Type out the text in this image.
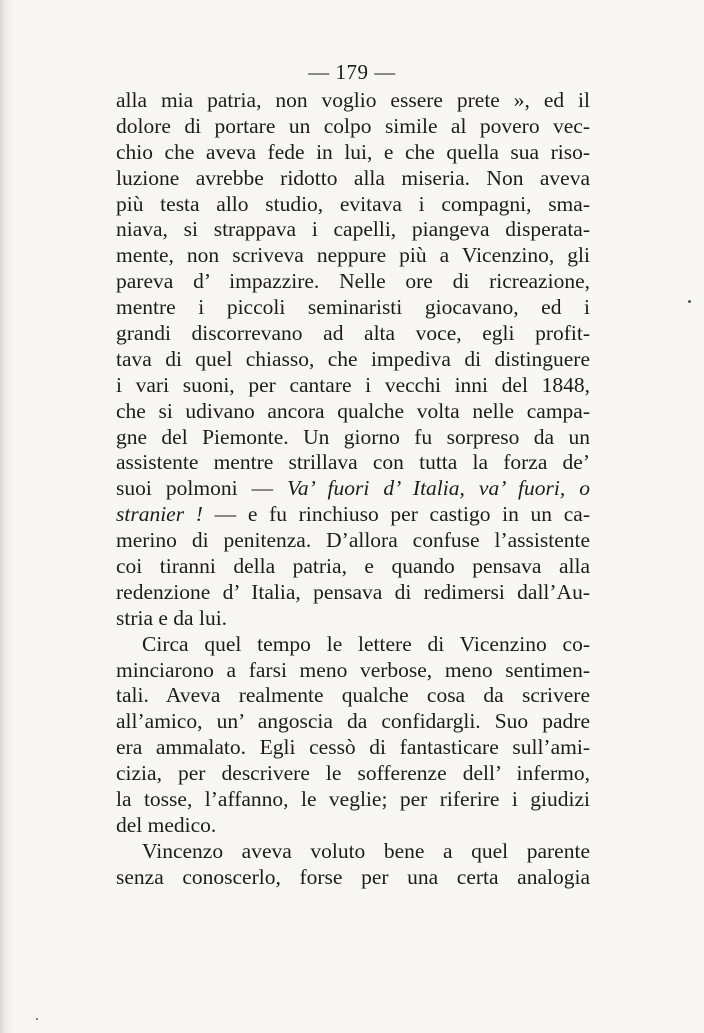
— 179 —
alla mia patria, non voglio essere prete », ed il
dolore di portare un colpo simile al povero vec-
chio che aveva fede in lui, e che quella sua riso-
luzione avrebbe ridotto alla miseria. Non aveva
più testa allo studio, evitava i compagni, sma-
niava, si strappava i capelli, piangeva disperata-
mente, non scriveva neppure più a Vicenzino, gli
pareva d’ impazzire. Nelle ore di ricreazione,
mentre i piccoli seminaristi giocavano, ed i
grandi discorrevano ad alta voce, egli profit-
tava di quel chiasso, che impediva di distinguere
i vari suoni, per cantare i vecchi inni del 1848,
che si udivano ancora qualche volta nelle campa-
gne del Piemonte. Un giorno fu sorpreso da un
assistente mentre strillava con tutta la forza de’
suoi polmoni — Va’ fuori d’ Italia, va’ fuori, o
stranier ! — e fu rinchiuso per castigo in un ca-
merino di penitenza. D’allora confuse l’assistente
coi tiranni della patria, e quando pensava alla
redenzione d’ Italia, pensava di redimersi dall’Au-
stria e da lui.
Circa quel tempo le lettere di Vicenzino co-
minciarono a farsi meno verbose, meno sentimen-
tali. Aveva realmente qualche cosa da scrivere
all’amico, un’ angoscia da confidargli. Suo padre
era ammalato. Egli cessò di fantasticare sull’ami-
cizia, per descrivere le sofferenze dell’ infermo,
la tosse, l’affanno, le veglie; per riferire i giudizi
del medico.
Vincenzo aveva voluto bene a quel parente
senza conoscerlo, forse per una certa analogia
